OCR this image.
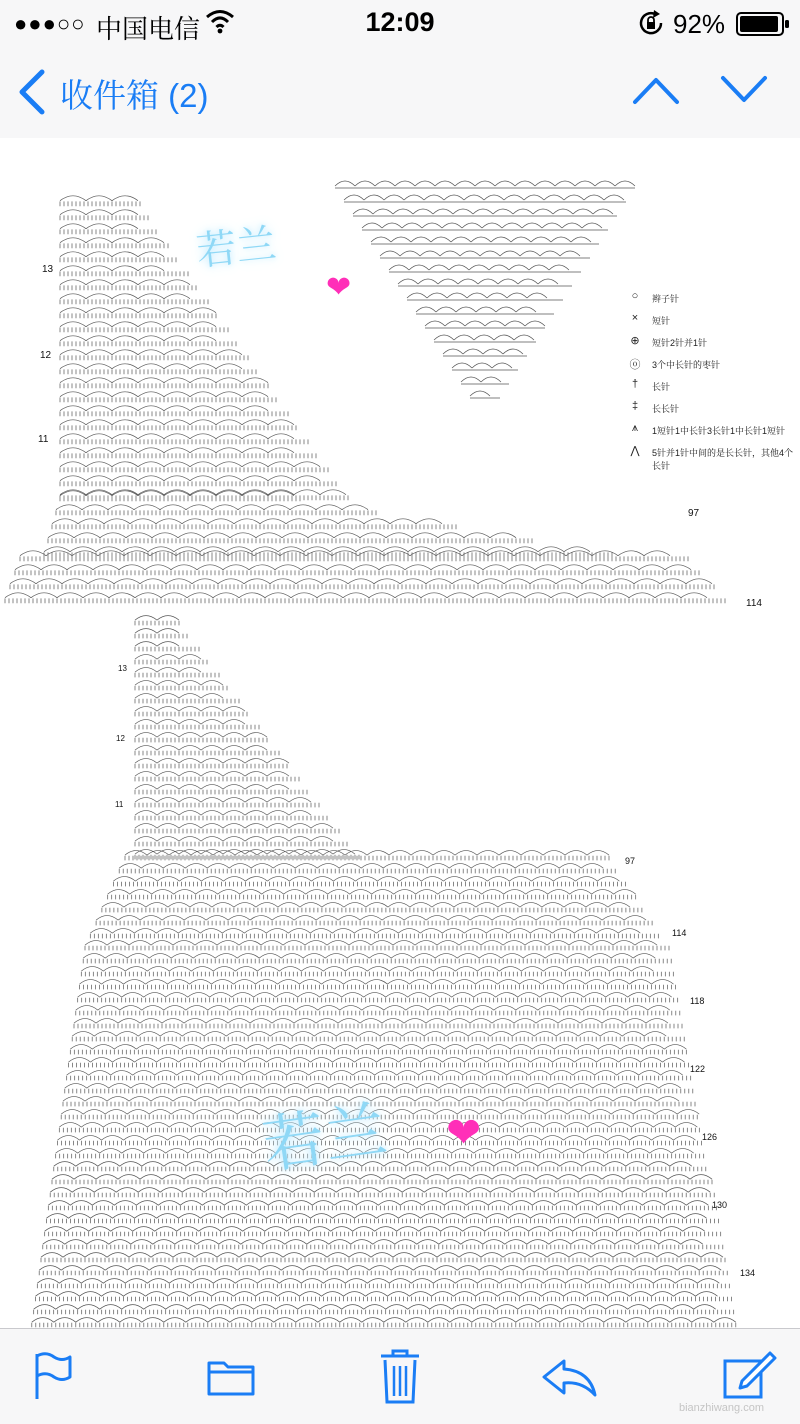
●●●○○ 中国电信	12:09	92%
收件箱 (2)
13
12
11
97
114
13
12
11
97
114
118
122
126
130
134
○	辫子针
×	短针
⊕	短针2针并1针
ⓞ	3个中长针的枣针
†	长针
‡	长长针
⩚	1短针1中长针3长针1中长针1短针
⋀	5针并1针中间的是长长针，其他4个长针
若兰
❤
若兰 ❤
bianzhiwang.com
